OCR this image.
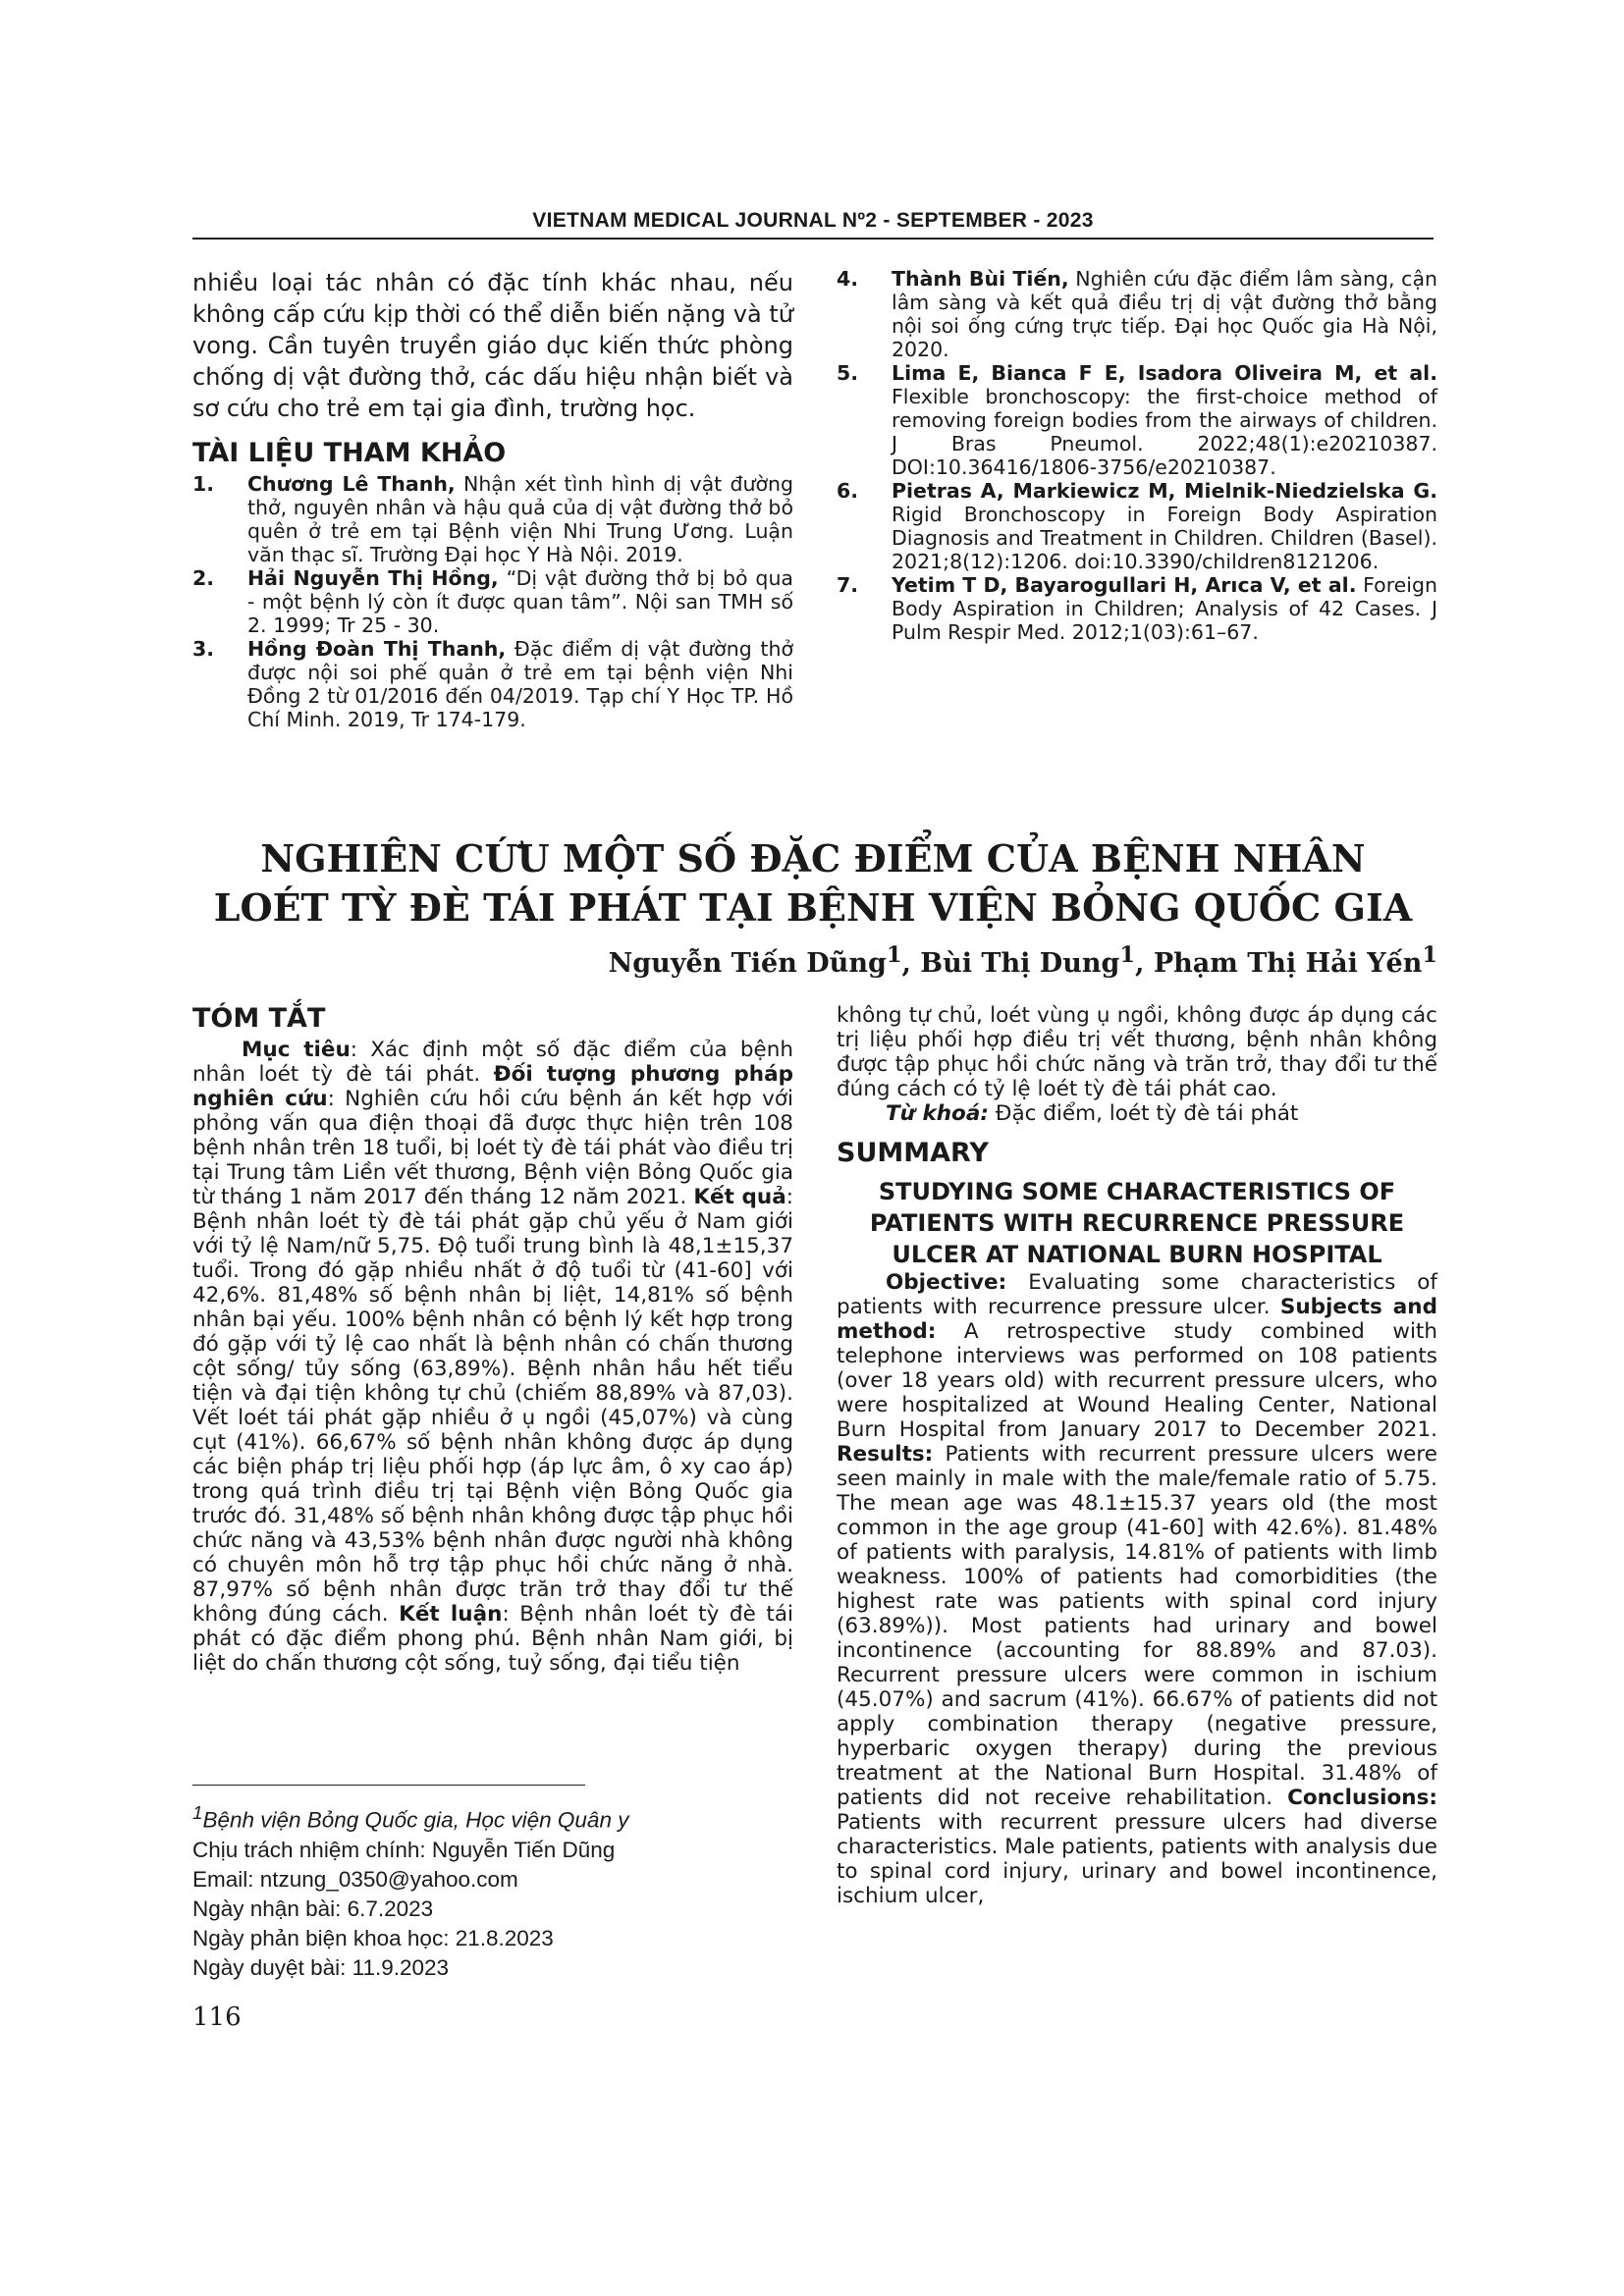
VIETNAM MEDICAL JOURNAL Nº2 - SEPTEMBER - 2023

nhiều loại tác nhân có đặc tính khác nhau, nếu không cấp cứu kịp thời có thể diễn biến nặng và tử vong. Cần tuyên truyền giáo dục kiến thức phòng chống dị vật đường thở, các dấu hiệu nhận biết và sơ cứu cho trẻ em tại gia đình, trường học.

TÀI LIỆU THAM KHẢO

1.	Chương Lê Thanh, Nhận xét tình hình dị vật đường thở, nguyên nhân và hậu quả của dị vật đường thở bỏ quên ở trẻ em tại Bệnh viện Nhi Trung Ương. Luận văn thạc sĩ. Trường Đại học Y Hà Nội. 2019.
2.	Hải Nguyễn Thị Hồng, “Dị vật đường thở bị bỏ qua - một bệnh lý còn ít được quan tâm”. Nội san TMH số 2. 1999; Tr 25 - 30.
3.	Hồng Đoàn Thị Thanh, Đặc điểm dị vật đường thở được nội soi phế quản ở trẻ em tại bệnh viện Nhi Đồng 2 từ 01/2016 đến 04/2019. Tạp chí Y Học TP. Hồ Chí Minh. 2019, Tr 174-179.
4.	Thành Bùi Tiến, Nghiên cứu đặc điểm lâm sàng, cận lâm sàng và kết quả điều trị dị vật đường thở bằng nội soi ống cứng trực tiếp. Đại học Quốc gia Hà Nội, 2020.
5.	Lima E, Bianca F E, Isadora Oliveira M, et al. Flexible bronchoscopy: the first-choice method of removing foreign bodies from the airways of children. J Bras Pneumol. 2022;48(1):e20210387. DOI:10.36416/1806-3756/e20210387.
6.	Pietras A, Markiewicz M, Mielnik-Niedzielska G. Rigid Bronchoscopy in Foreign Body Aspiration Diagnosis and Treatment in Children. Children (Basel). 2021;8(12):1206. doi:10.3390/children8121206.
7.	Yetim T D, Bayarogullari H, Arıca V, et al. Foreign Body Aspiration in Children; Analysis of 42 Cases. J Pulm Respir Med. 2012;1(03):61–67.
NGHIÊN CỨU MỘT SỐ ĐẶC ĐIỂM CỦA BỆNH NHÂN
LOÉT TỲ ĐÈ TÁI PHÁT TẠI BỆNH VIỆN BỎNG QUỐC GIA
Nguyễn Tiến Dũng$^1$, Bùi Thị Dung$^1$, Phạm Thị Hải Yến$^1$

TÓM TẮT

Mục tiêu: Xác định một số đặc điểm của bệnh nhân loét tỳ đè tái phát. Đối tượng phương pháp nghiên cứu: Nghiên cứu hồi cứu bệnh án kết hợp với phỏng vấn qua điện thoại đã được thực hiện trên 108 bệnh nhân trên 18 tuổi, bị loét tỳ đè tái phát vào điều trị tại Trung tâm Liền vết thương, Bệnh viện Bỏng Quốc gia từ tháng 1 năm 2017 đến tháng 12 năm 2021. Kết quả: Bệnh nhân loét tỳ đè tái phát gặp chủ yếu ở Nam giới với tỷ lệ Nam/nữ 5,75. Độ tuổi trung bình là 48,1±15,37 tuổi. Trong đó gặp nhiều nhất ở độ tuổi từ (41-60] với 42,6%. 81,48% số bệnh nhân bị liệt, 14,81% số bệnh nhân bại yếu. 100% bệnh nhân có bệnh lý kết hợp trong đó gặp với tỷ lệ cao nhất là bệnh nhân có chấn thương cột sống/ tủy sống (63,89%). Bệnh nhân hầu hết tiểu tiện và đại tiện không tự chủ (chiếm 88,89% và 87,03). Vết loét tái phát gặp nhiều ở ụ ngồi (45,07%) và cùng cụt (41%). 66,67% số bệnh nhân không được áp dụng các biện pháp trị liệu phối hợp (áp lực âm, ô xy cao áp) trong quá trình điều trị tại Bệnh viện Bỏng Quốc gia trước đó. 31,48% số bệnh nhân không được tập phục hồi chức năng và 43,53% bệnh nhân được người nhà không có chuyên môn hỗ trợ tập phục hồi chức năng ở nhà. 87,97% số bệnh nhân được trăn trở thay đổi tư thế không đúng cách. Kết luận: Bệnh nhân loét tỳ đè tái phát có đặc điểm phong phú. Bệnh nhân Nam giới, bị liệt do chấn thương cột sống, tuỷ sống, đại tiểu tiện

không tự chủ, loét vùng ụ ngồi, không được áp dụng các trị liệu phối hợp điều trị vết thương, bệnh nhân không được tập phục hồi chức năng và trăn trở, thay đổi tư thế đúng cách có tỷ lệ loét tỳ đè tái phát cao.

Từ khoá: Đặc điểm, loét tỳ đè tái phát

SUMMARY

STUDYING SOME CHARACTERISTICS OF PATIENTS WITH RECURRENCE PRESSURE ULCER AT NATIONAL BURN HOSPITAL

Objective: Evaluating some characteristics of patients with recurrence pressure ulcer. Subjects and method: A retrospective study combined with telephone interviews was performed on 108 patients (over 18 years old) with recurrent pressure ulcers, who were hospitalized at Wound Healing Center, National Burn Hospital from January 2017 to December 2021. Results: Patients with recurrent pressure ulcers were seen mainly in male with the male/female ratio of 5.75. The mean age was 48.1±15.37 years old (the most common in the age group (41-60] with 42.6%). 81.48% of patients with paralysis, 14.81% of patients with limb weakness. 100% of patients had comorbidities (the highest rate was patients with spinal cord injury (63.89%)). Most patients had urinary and bowel incontinence (accounting for 88.89% and 87.03). Recurrent pressure ulcers were common in ischium (45.07%) and sacrum (41%). 66.67% of patients did not apply combination therapy (negative pressure, hyperbaric oxygen therapy) during the previous treatment at the National Burn Hospital. 31.48% of patients did not receive rehabilitation. Conclusions: Patients with recurrent pressure ulcers had diverse characteristics. Male patients, patients with analysis due to spinal cord injury, urinary and bowel incontinence, ischium ulcer,

$^1$Bệnh viện Bỏng Quốc gia, Học viện Quân y
Chịu trách nhiệm chính: Nguyễn Tiến Dũng
Email: ntzung_0350@yahoo.com
Ngày nhận bài: 6.7.2023
Ngày phản biện khoa học: 21.8.2023
Ngày duyệt bài: 11.9.2023
116
